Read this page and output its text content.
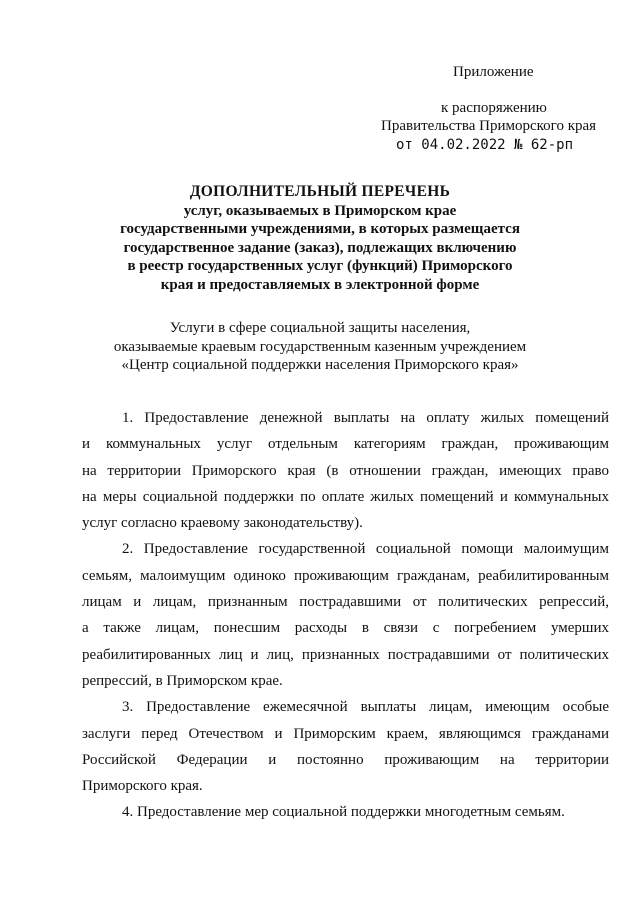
Приложение
к распоряжению
Правительства Приморского края
от 04.02.2022 № 62-рп
ДОПОЛНИТЕЛЬНЫЙ ПЕРЕЧЕНЬ
услуг, оказываемых в Приморском крае
государственными учреждениями, в которых размещается
государственное задание (заказ), подлежащих включению
в реестр государственных услуг (функций) Приморского
края и предоставляемых в электронной форме
Услуги в сфере социальной защиты населения,
оказываемые краевым государственным казенным учреждением
«Центр социальной поддержки населения Приморского края»
1. Предоставление денежной выплаты на оплату жилых помещений
и коммунальных услуг отдельным категориям граждан, проживающим
на территории Приморского края (в отношении граждан, имеющих право
на меры социальной поддержки по оплате жилых помещений и коммунальных
услуг согласно краевому законодательству).
2. Предоставление государственной социальной помощи малоимущим
семьям, малоимущим одиноко проживающим гражданам, реабилитированным
лицам и лицам, признанным пострадавшими от политических репрессий,
а также лицам, понесшим расходы в связи с погребением умерших
реабилитированных лиц и лиц, признанных пострадавшими от политических
репрессий, в Приморском крае.
3. Предоставление ежемесячной выплаты лицам, имеющим особые
заслуги перед Отечеством и Приморским краем, являющимся гражданами
Российской Федерации и постоянно проживающим на территории
Приморского края.
4. Предоставление мер социальной поддержки многодетным семьям.
